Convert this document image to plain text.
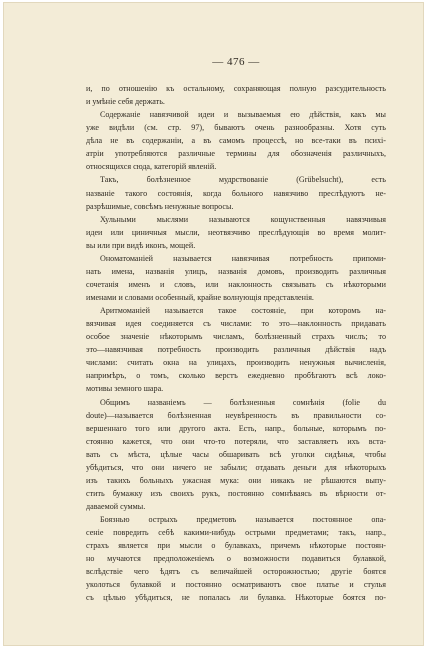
— 476 —
и, по отношенію къ остальному, сохраняющая полную разсудительность
и умѣніе себя держать.
Содержаніе навязчивой идеи и вызываемыя ею дѣйствія, какъ мы
уже видѣли (см. стр. 97), бываютъ очень разнообразны. Хотя суть
дѣла не въ содержаніи, а въ самомъ процессѣ, но все-таки въ психі-
атріи употребляются различные термины для обозначенія различныхъ,
относящихся сюда, категорій явленій.
Такъ, болѣзненное мудрствованіе (Grübelsucht), есть
названіе такого состоянія, когда больного навязчиво преслѣдуютъ не-
разрѣшимые, совсѣмъ ненужные вопросы.
Хульными мыслями называются кощунственныя навязчивыя
идеи или циничныя мысли, неотвязчиво преслѣдующія во время молит-
вы или при видѣ иконъ, мощей.
Ономатоманіей называется навязчивая потребность припоми-
нать имена, названія улицъ, названія домовъ, производить различныя
сочетанія именъ и словъ, или наклонность связывать съ нѣкоторыми
именами и словами особенный, крайне волнующія представленія.
Аритмоманіей называется такое состояніе, при которомъ на-
вязчивая идея соединяется съ числами: то это—наклонность придавать
особое значеніе нѣкоторымъ числамъ, болѣзненный страхъ числъ; то
это—навязчивая потребность производить различныя дѣйствія надъ
числами: считать окна на улицахъ, производить ненужныя вычисленія,
напримѣръ, о томъ, сколько верстъ ежедневно пробѣгаютъ всѣ локо-
мотивы земного шара.
Общимъ названіемъ — болѣзненныя сомнѣнія (folie du
doute)—называется болѣзненная неувѣренность въ правильности со-
вершеннаго того или другого акта. Есть, напр., больные, которымъ по-
стоянно кажется, что они что-то потеряли, что заставляетъ ихъ вста-
вать съ мѣста, цѣлые часы обшаривать всѣ уголки сидѣнья, чтобы
убѣдиться, что они ничего не забыли; отдавать деньги для нѣкоторыхъ
изъ такихъ больныхъ ужасная мука: они никакъ не рѣшаются выпу-
стить бумажку изъ своихъ рукъ, постоянно сомнѣваясь въ вѣрности от-
даваемой суммы.
Боязнью острыхъ предметовъ называется постоянное опа-
сеніе повредить себѣ какими-нибудь острыми предметами; такъ, напр.,
страхъ является при мысли о булавкахъ, причемъ нѣкоторые постоян-
но мучаются предположеніемъ о возможности подавиться булавкой,
вслѣдствіе чего ѣдятъ съ величайшей осторожностью; другіе боятся
уколоться булавкой и постоянно осматриваютъ свое платье и стулья
съ цѣлью убѣдиться, не попалась ли булавка. Нѣкоторые боятся по-
